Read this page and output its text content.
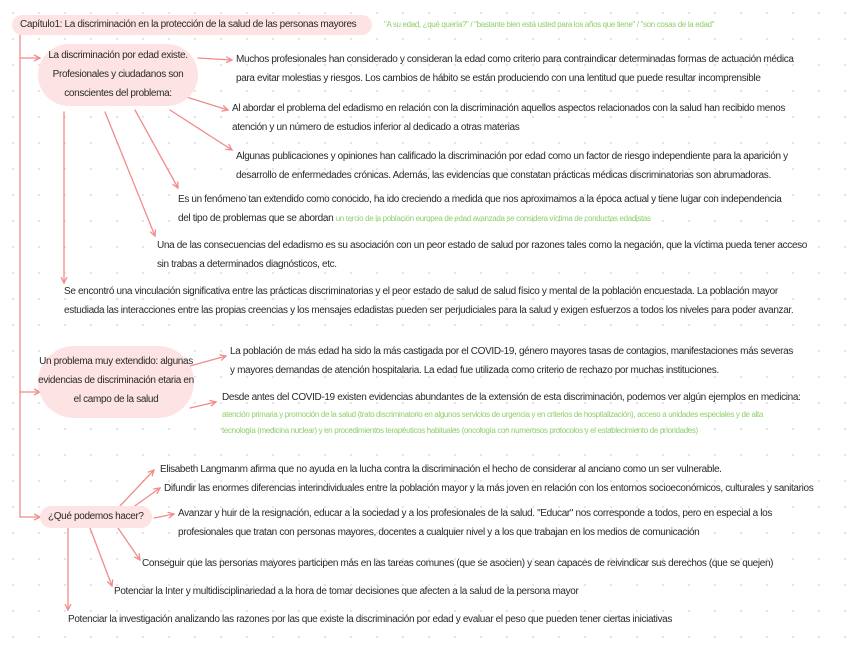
Capítulo1: La discriminación en la protección de la salud de las personas mayores	"A su edad, ¿qué quería?" / "bastante bien está usted para los años que tiene" / "son cosas de la edad"
La discriminación por edad existe.
Profesionales y ciudadanos son
conscientes del problema:
Muchos profesionales han considerado y consideran la edad como criterio para contraindicar determinadas formas de actuación médica
para evitar molestias y riesgos. Los cambios de hábito se están produciendo con una lentitud que puede resultar incomprensible
Al abordar el problema del edadismo en relación con la discriminación aquellos aspectos relacionados con la salud han recibido menos
atención y un número de estudios inferior al dedicado a otras materias
Algunas publicaciones y opiniones han calificado la discriminación por edad como un factor de riesgo independiente para la aparición y
desarrollo de enfermedades crónicas. Además, las evidencias que constatan prácticas médicas discriminatorias son abrumadoras.
Es un fenómeno tan extendido como conocido, ha ido creciendo a medida que nos aproximamos a la época actual y tiene lugar con independencia
del tipo de problemas que se abordan un tercio de la población europea de edad avanzada se considera víctima de conductas edadistas
Una de las consecuencias del edadismo es su asociación con un peor estado de salud por razones tales como la negación, que la víctima pueda tener acceso
sin trabas a determinados diagnósticos, etc.
Se encontró una vinculación significativa entre las prácticas discriminatorias y el peor estado de salud de salud físico y mental de la población encuestada. La población mayor
estudiada las interacciones entre las propias creencias y los mensajes edadistas pueden ser perjudiciales para la salud y exigen esfuerzos a todos los niveles para poder avanzar.
Un problema muy extendido: algunas
evidencias de discriminación etaria en
el campo de la salud
La población de más edad ha sido la más castigada por el COVID-19, género mayores tasas de contagios, manifestaciones más severas
y mayores demandas de atención hospitalaria. La edad fue utilizada como criterio de rechazo por muchas instituciones.
Desde antes del COVID-19 existen evidencias abundantes de la extensión de esta discriminación, podemos ver algún ejemplos en medicina:
atención primaria y promoción de la salud (trato discriminatorio en algunos servicios de urgencia y en criterios de hospitalización), acceso a unidades especiales y de alta
tecnología (medicina nuclear) y en procedimientos terapéuticos habituales (oncología con numerosos protocolos y el establecimiento de prioridades)
¿Qué podemos hacer?
Elisabeth Langmanm afirma que no ayuda en la lucha contra la discriminación el hecho de considerar al anciano como un ser vulnerable.
Difundir las enormes diferencias interindividuales entre la población mayor y la más joven en relación con los entornos socioeconómicos, culturales y sanitarios
Avanzar y huir de la resignación, educar a la sociedad y a los profesionales de la salud. "Educar" nos corresponde a todos, pero en especial a los
profesionales que tratan con personas mayores, docentes a cualquier nivel y a los que trabajan en los medios de comunicación
Conseguir que las personas mayores participen más en las tareas comunes (que se asocien) y sean capaces de reivindicar sus derechos (que se quejen)
Potenciar la Inter y multidisciplinariedad a la hora de tomar decisiones que afecten a la salud de la persona mayor
Potenciar la investigación analizando las razones por las que existe la discriminación por edad y evaluar el peso que pueden tener ciertas iniciativas
